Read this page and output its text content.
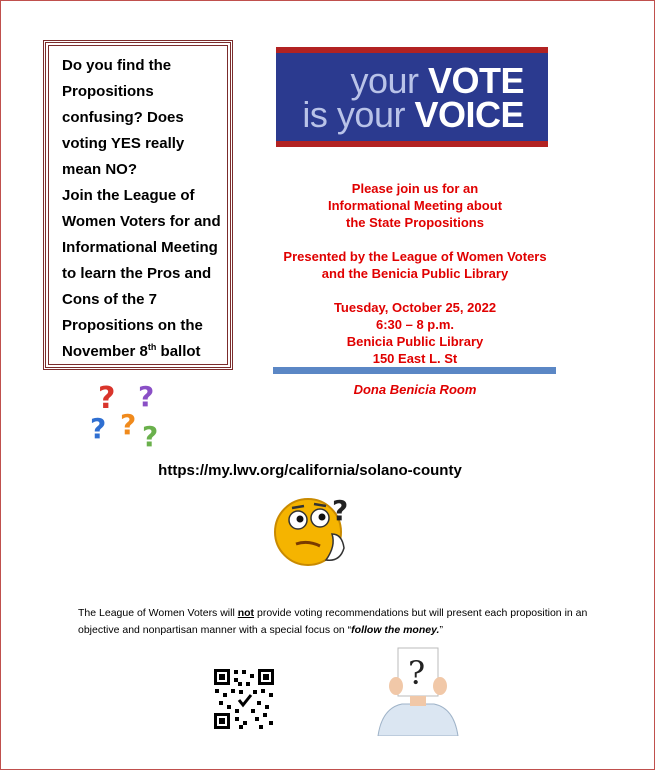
Do you find the Propositions confusing? Does voting YES really mean NO?

Join the League of Women Voters for and Informational Meeting to learn the Pros and Cons of the 7 Propositions on the November 8th ballot

your VOTE
is your VOICE

Please join us for an

Informational Meeting about

the State Propositions

Presented by the League of Women Voters

and the Benicia Public Library

Tuesday, October 25, 2022

6:30 – 8 p.m.

Benicia Public Library

150 East L. St

Dona Benicia Room
? ?
? ? ?
https://my.lwv.org/california/solano-county
?
The League of Women Voters will not provide voting recommendations but will present each proposition in an objective and nonpartisan manner with a special focus on “follow the money.”
?
